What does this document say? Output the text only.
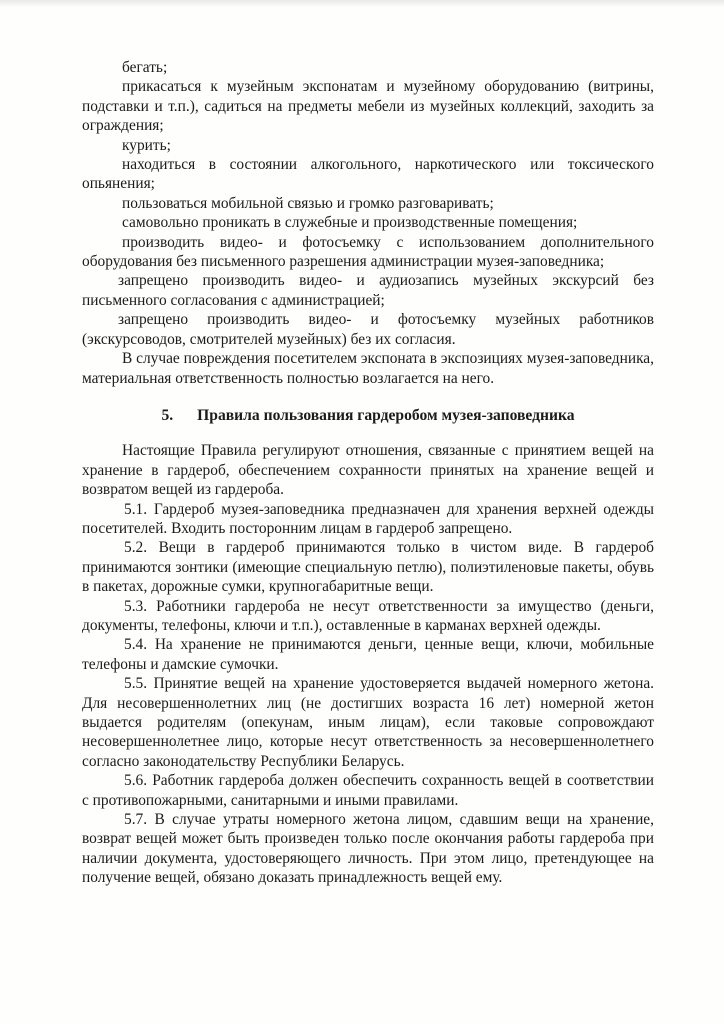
бегать;

прикасаться к музейным экспонатам и музейному оборудованию (витрины, подставки и т.п.), садиться на предметы мебели из музейных коллекций, заходить за ограждения;

курить;

находиться в состоянии алкогольного, наркотического или токсического опьянения;

пользоваться мобильной связью и громко разговаривать;

самовольно проникать в служебные и производственные помещения;

производить видео- и фотосъемку с использованием дополнительного оборудования без письменного разрешения администрации музея-заповедника;

запрещено производить видео- и аудиозапись музейных экскурсий без письменного согласования с администрацией;

запрещено производить видео- и фотосъемку музейных работников (экскурсоводов, смотрителей музейных) без их согласия.

В случае повреждения посетителем экспоната в экспозициях музея-заповедника, материальная ответственность полностью возлагается на него.

5. Правила пользования гардеробом музея-заповедника

Настоящие Правила регулируют отношения, связанные с принятием вещей на хранение в гардероб, обеспечением сохранности принятых на хранение вещей и возвратом вещей из гардероба.

5.1. Гардероб музея-заповедника предназначен для хранения верхней одежды посетителей. Входить посторонним лицам в гардероб запрещено.

5.2. Вещи в гардероб принимаются только в чистом виде. В гардероб принимаются зонтики (имеющие специальную петлю), полиэтиленовые пакеты, обувь в пакетах, дорожные сумки, крупногабаритные вещи.

5.3. Работники гардероба не несут ответственности за имущество (деньги, документы, телефоны, ключи и т.п.), оставленные в карманах верхней одежды.

5.4. На хранение не принимаются деньги, ценные вещи, ключи, мобильные телефоны и дамские сумочки.

5.5. Принятие вещей на хранение удостоверяется выдачей номерного жетона. Для несовершеннолетних лиц (не достигших возраста 16 лет) номерной жетон выдается родителям (опекунам, иным лицам), если таковые сопровождают несовершеннолетнее лицо, которые несут ответственность за несовершеннолетнего согласно законодательству Республики Беларусь.

5.6. Работник гардероба должен обеспечить сохранность вещей в соответствии с противопожарными, санитарными и иными правилами.

5.7. В случае утраты номерного жетона лицом, сдавшим вещи на хранение, возврат вещей может быть произведен только после окончания работы гардероба при наличии документа, удостоверяющего личность. При этом лицо, претендующее на получение вещей, обязано доказать принадлежность вещей ему.
